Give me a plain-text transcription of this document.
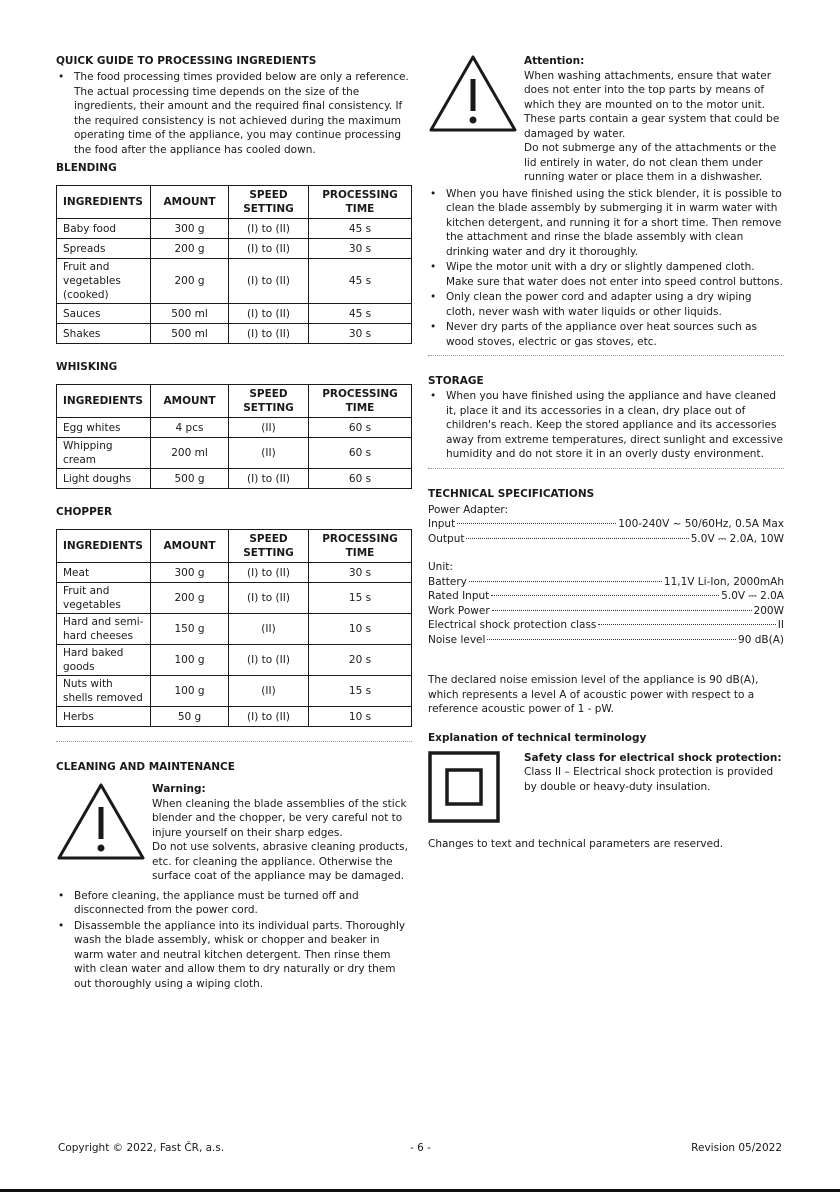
QUICK GUIDE TO PROCESSING INGREDIENTS
• The food processing times provided below are only a reference. The actual processing time depends on the size of the ingredients, their amount and the required final consistency. If the required consistency is not achieved during the maximum operating time of the appliance, you may continue processing the food after the appliance has cooled down.
BLENDING
INGREDIENTS	AMOUNT	SPEED SETTING	PROCESSING TIME
Baby food	300 g	(I) to (II)	45 s
Spreads	200 g	(I) to (II)	30 s
Fruit and vegetables (cooked)	200 g	(I) to (II)	45 s
Sauces	500 ml	(I) to (II)	45 s
Shakes	500 ml	(I) to (II)	30 s
WHISKING
INGREDIENTS	AMOUNT	SPEED SETTING	PROCESSING TIME
Egg whites	4 pcs	(II)	60 s
Whipping cream	200 ml	(II)	60 s
Light doughs	500 g	(I) to (II)	60 s
CHOPPER
INGREDIENTS	AMOUNT	SPEED SETTING	PROCESSING TIME
Meat	300 g	(I) to (II)	30 s
Fruit and vegetables	200 g	(I) to (II)	15 s
Hard and semi-hard cheeses	150 g	(II)	10 s
Hard baked goods	100 g	(I) to (II)	20 s
Nuts with shells removed	100 g	(II)	15 s
Herbs	50 g	(I) to (II)	10 s
CLEANING AND MAINTENANCE
Warning:
When cleaning the blade assemblies of the stick blender and the chopper, be very careful not to injure yourself on their sharp edges.
Do not use solvents, abrasive cleaning products, etc. for cleaning the appliance. Otherwise the surface coat of the appliance may be damaged.
• Before cleaning, the appliance must be turned off and disconnected from the power cord.
• Disassemble the appliance into its individual parts. Thoroughly wash the blade assembly, whisk or chopper and beaker in warm water and neutral kitchen detergent. Then rinse them with clean water and allow them to dry naturally or dry them out thoroughly using a wiping cloth.
Attention:
When washing attachments, ensure that water does not enter into the top parts by means of which they are mounted on to the motor unit. These parts contain a gear system that could be damaged by water.
Do not submerge any of the attachments or the lid entirely in water, do not clean them under running water or place them in a dishwasher.
• When you have finished using the stick blender, it is possible to clean the blade assembly by submerging it in warm water with kitchen detergent, and running it for a short time. Then remove the attachment and rinse the blade assembly with clean drinking water and dry it thoroughly.
• Wipe the motor unit with a dry or slightly dampened cloth. Make sure that water does not enter into speed control buttons.
• Only clean the power cord and adapter using a dry wiping cloth, never wash with water liquids or other liquids.
• Never dry parts of the appliance over heat sources such as wood stoves, electric or gas stoves, etc.
STORAGE
• When you have finished using the appliance and have cleaned it, place it and its accessories in a clean, dry place out of children's reach. Keep the stored appliance and its accessories away from extreme temperatures, direct sunlight and excessive humidity and do not store it in an overly dusty environment.
TECHNICAL SPECIFICATIONS
Power Adapter:
Input	100-240V ~ 50/60Hz, 0.5A Max
Output	5.0V ⎓ 2.0A, 10W
Unit:
Battery	11,1V Li-Ion, 2000mAh
Rated Input	5.0V ⎓ 2.0A
Work Power	200W
Electrical shock protection class	II
Noise level	90 dB(A)
The declared noise emission level of the appliance is 90 dB(A), which represents a level A of acoustic power with respect to a reference acoustic power of 1 - pW.
Explanation of technical terminology
Safety class for electrical shock protection:
Class II – Electrical shock protection is provided by double or heavy-duty insulation.
Changes to text and technical parameters are reserved.
Copyright © 2022, Fast ČR, a.s.	- 6 -	Revision 05/2022
